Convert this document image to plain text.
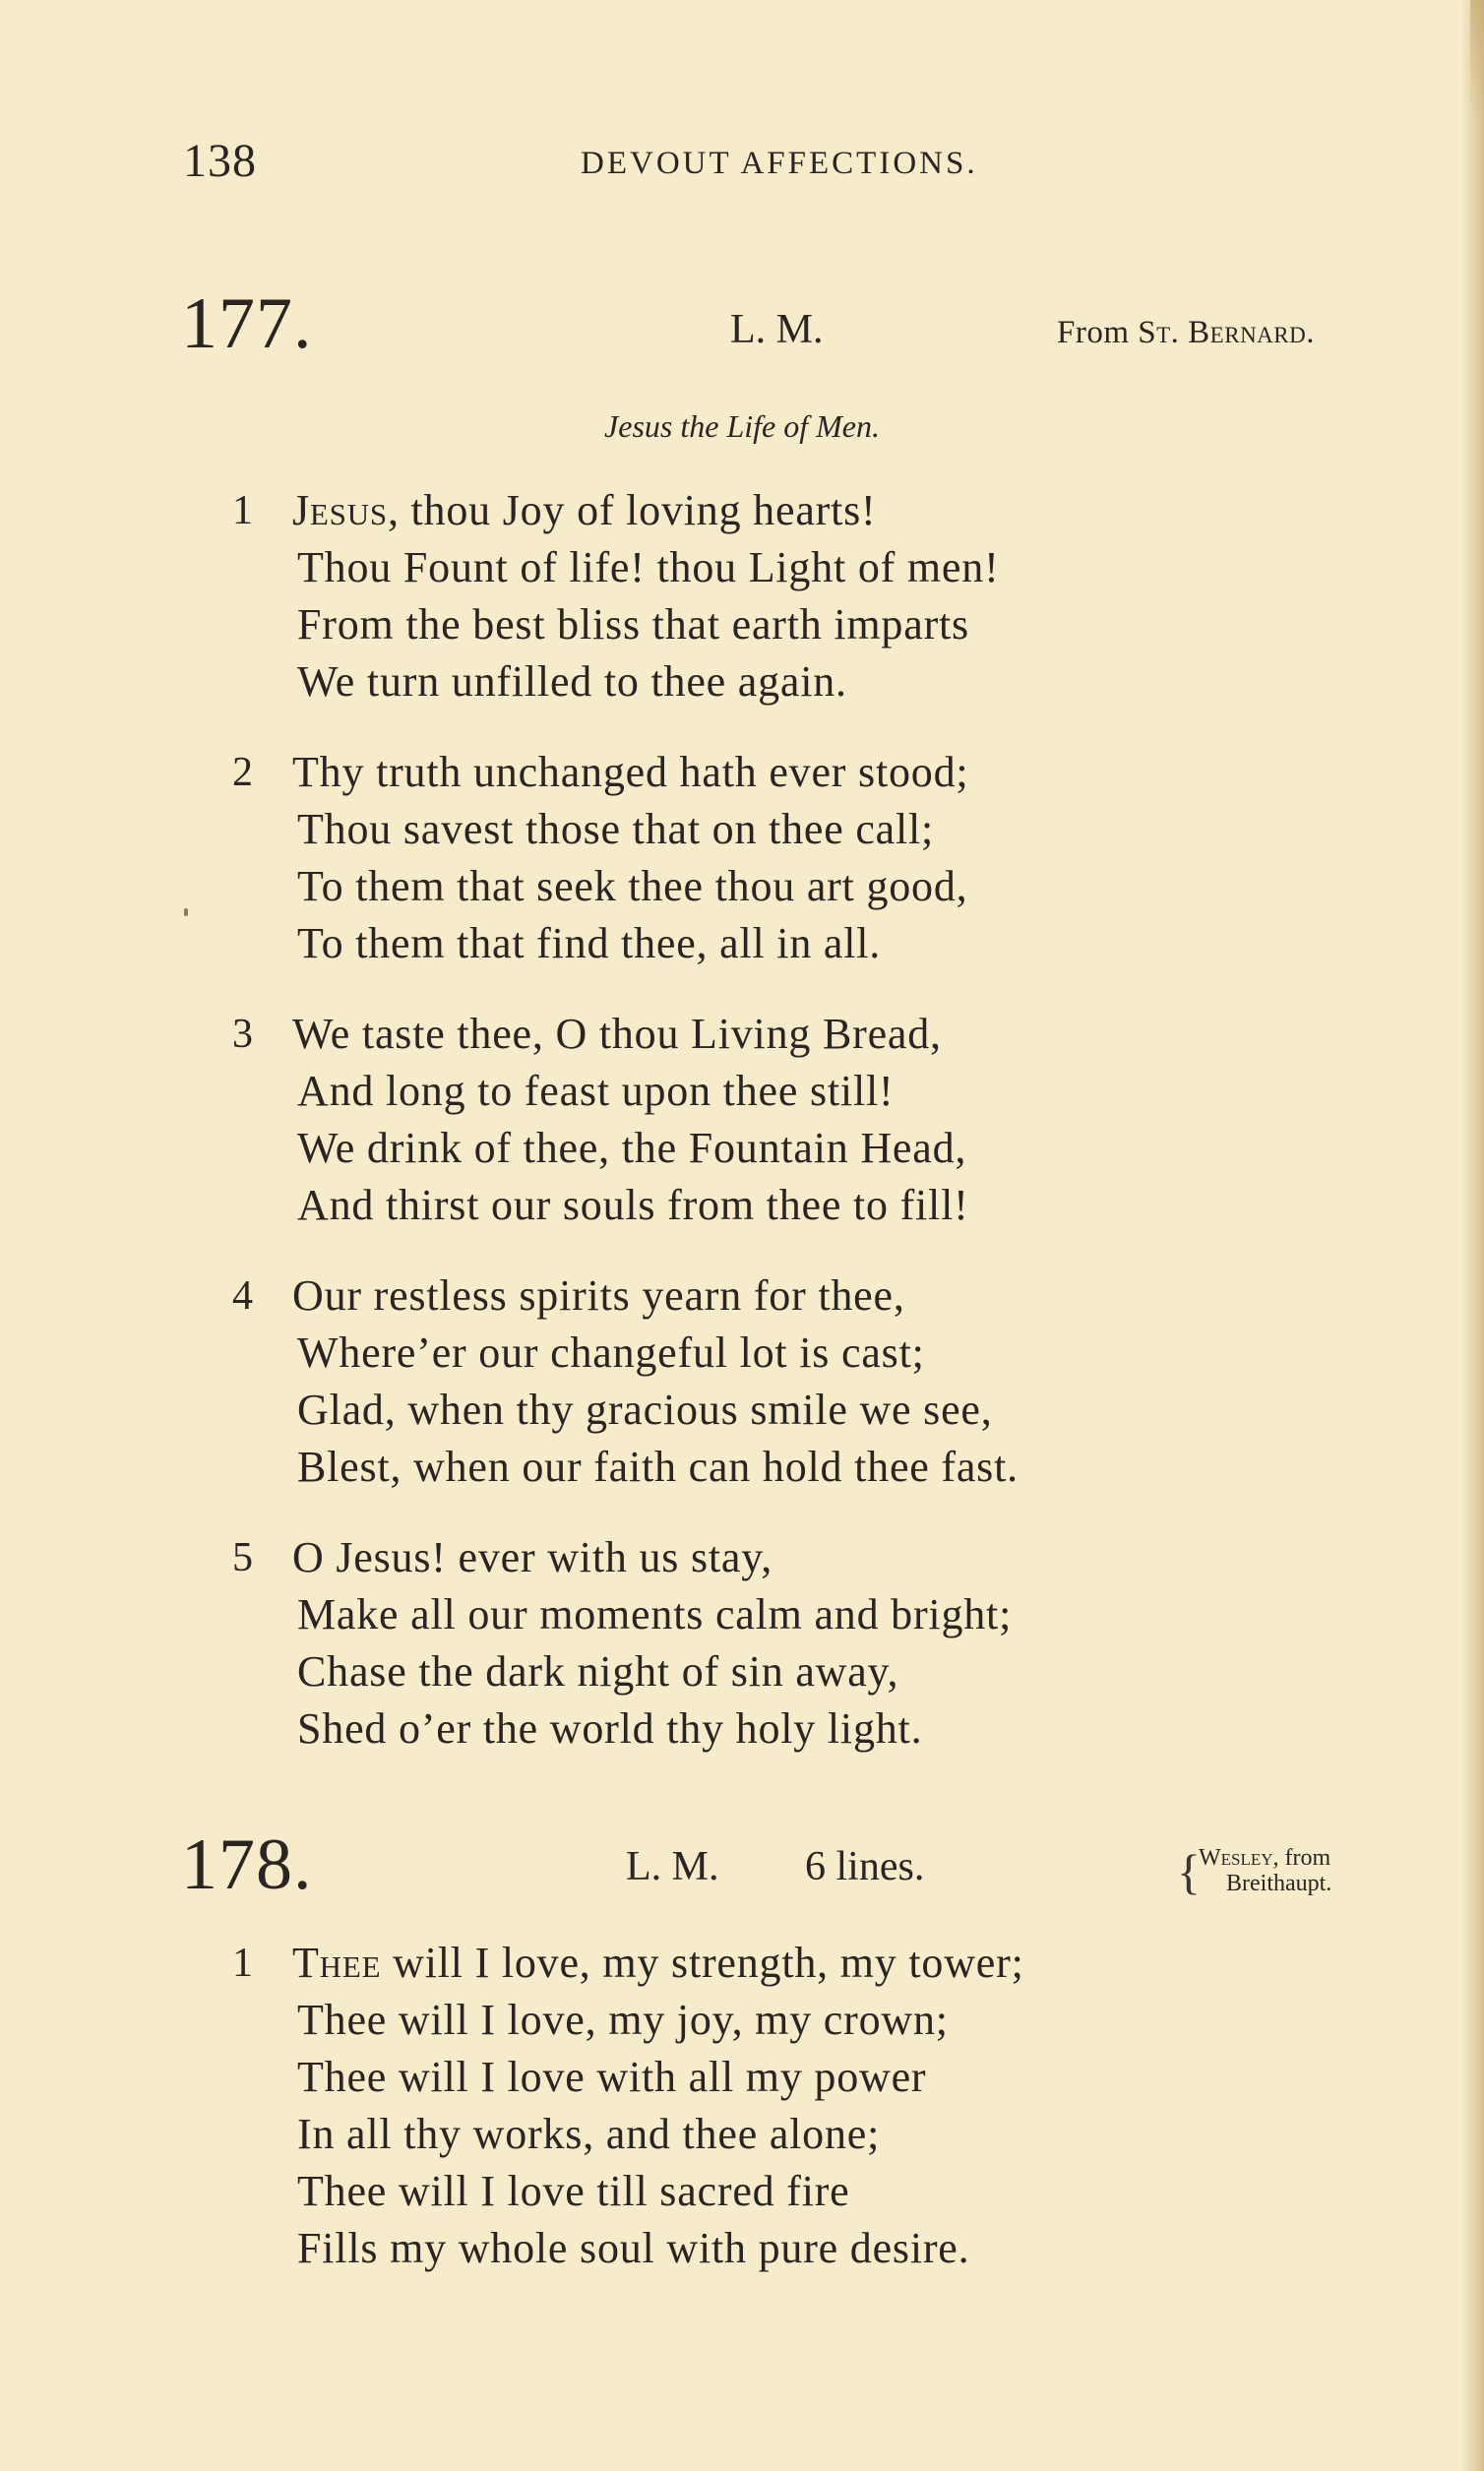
138	DEVOUT AFFECTIONS.
177.	L. M.	From St. Bernard.
Jesus the Life of Men.
1 Jesus, thou Joy of loving hearts!
Thou Fount of life! thou Light of men!
From the best bliss that earth imparts
We turn unfilled to thee again.
2 Thy truth unchanged hath ever stood;
Thou savest those that on thee call;
To them that seek thee thou art good,
To them that find thee, all in all.
3 We taste thee, O thou Living Bread,
And long to feast upon thee still!
We drink of thee, the Fountain Head,
And thirst our souls from thee to fill!
4 Our restless spirits yearn for thee,
Where’er our changeful lot is cast;
Glad, when thy gracious smile we see,
Blest, when our faith can hold thee fast.
5 O Jesus! ever with us stay,
Make all our moments calm and bright;
Chase the dark night of sin away,
Shed o’er the world thy holy light.
178.	L. M. 6 lines.	{
Wesley, from
Breithaupt.
1 Thee will I love, my strength, my tower;
Thee will I love, my joy, my crown;
Thee will I love with all my power
In all thy works, and thee alone;
Thee will I love till sacred fire
Fills my whole soul with pure desire.
